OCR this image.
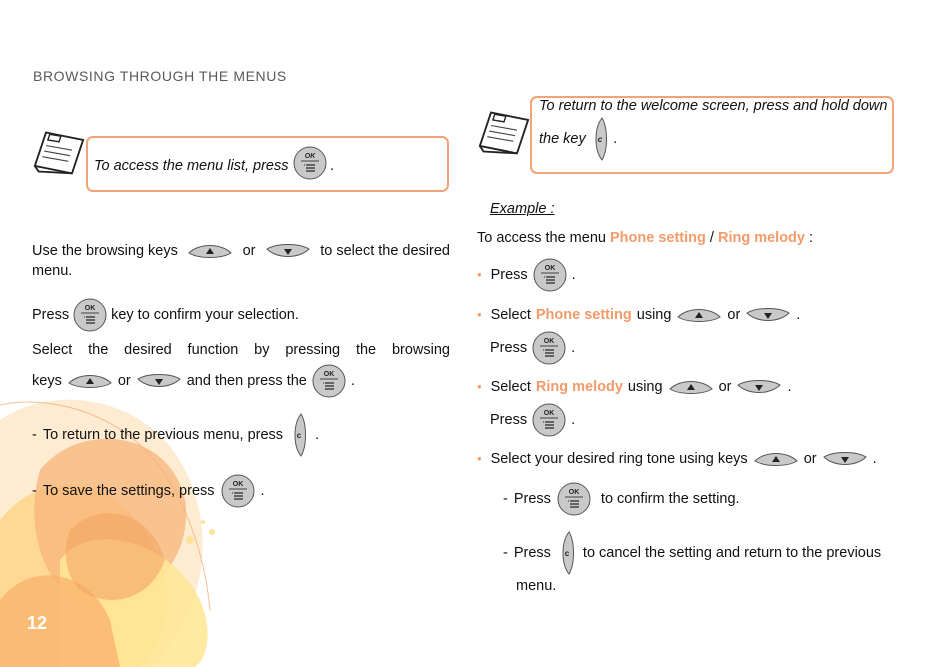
BROWSING THROUGH THE MENUS
To access the menu list, press	.
Use the browsing keys	or	to select the desired
menu.
Press	key to confirm your selection.
Select the desired function by pressing the browsing
keys	or	and then press the	.
- To return to the previous menu, press .
- To save the settings, press	.
To return to the welcome screen, press and hold down
the key .
Example :
To access the menu Phone setting / Ring melody :
• Press	.
• Select Phone setting using	or	.
Press	.
• Select Ring melody using	or	.
Press	.
• Select your desired ring tone using keys	or	.
- Press	to confirm the setting.
- Press to cancel the setting and return to the previous
menu.
12
